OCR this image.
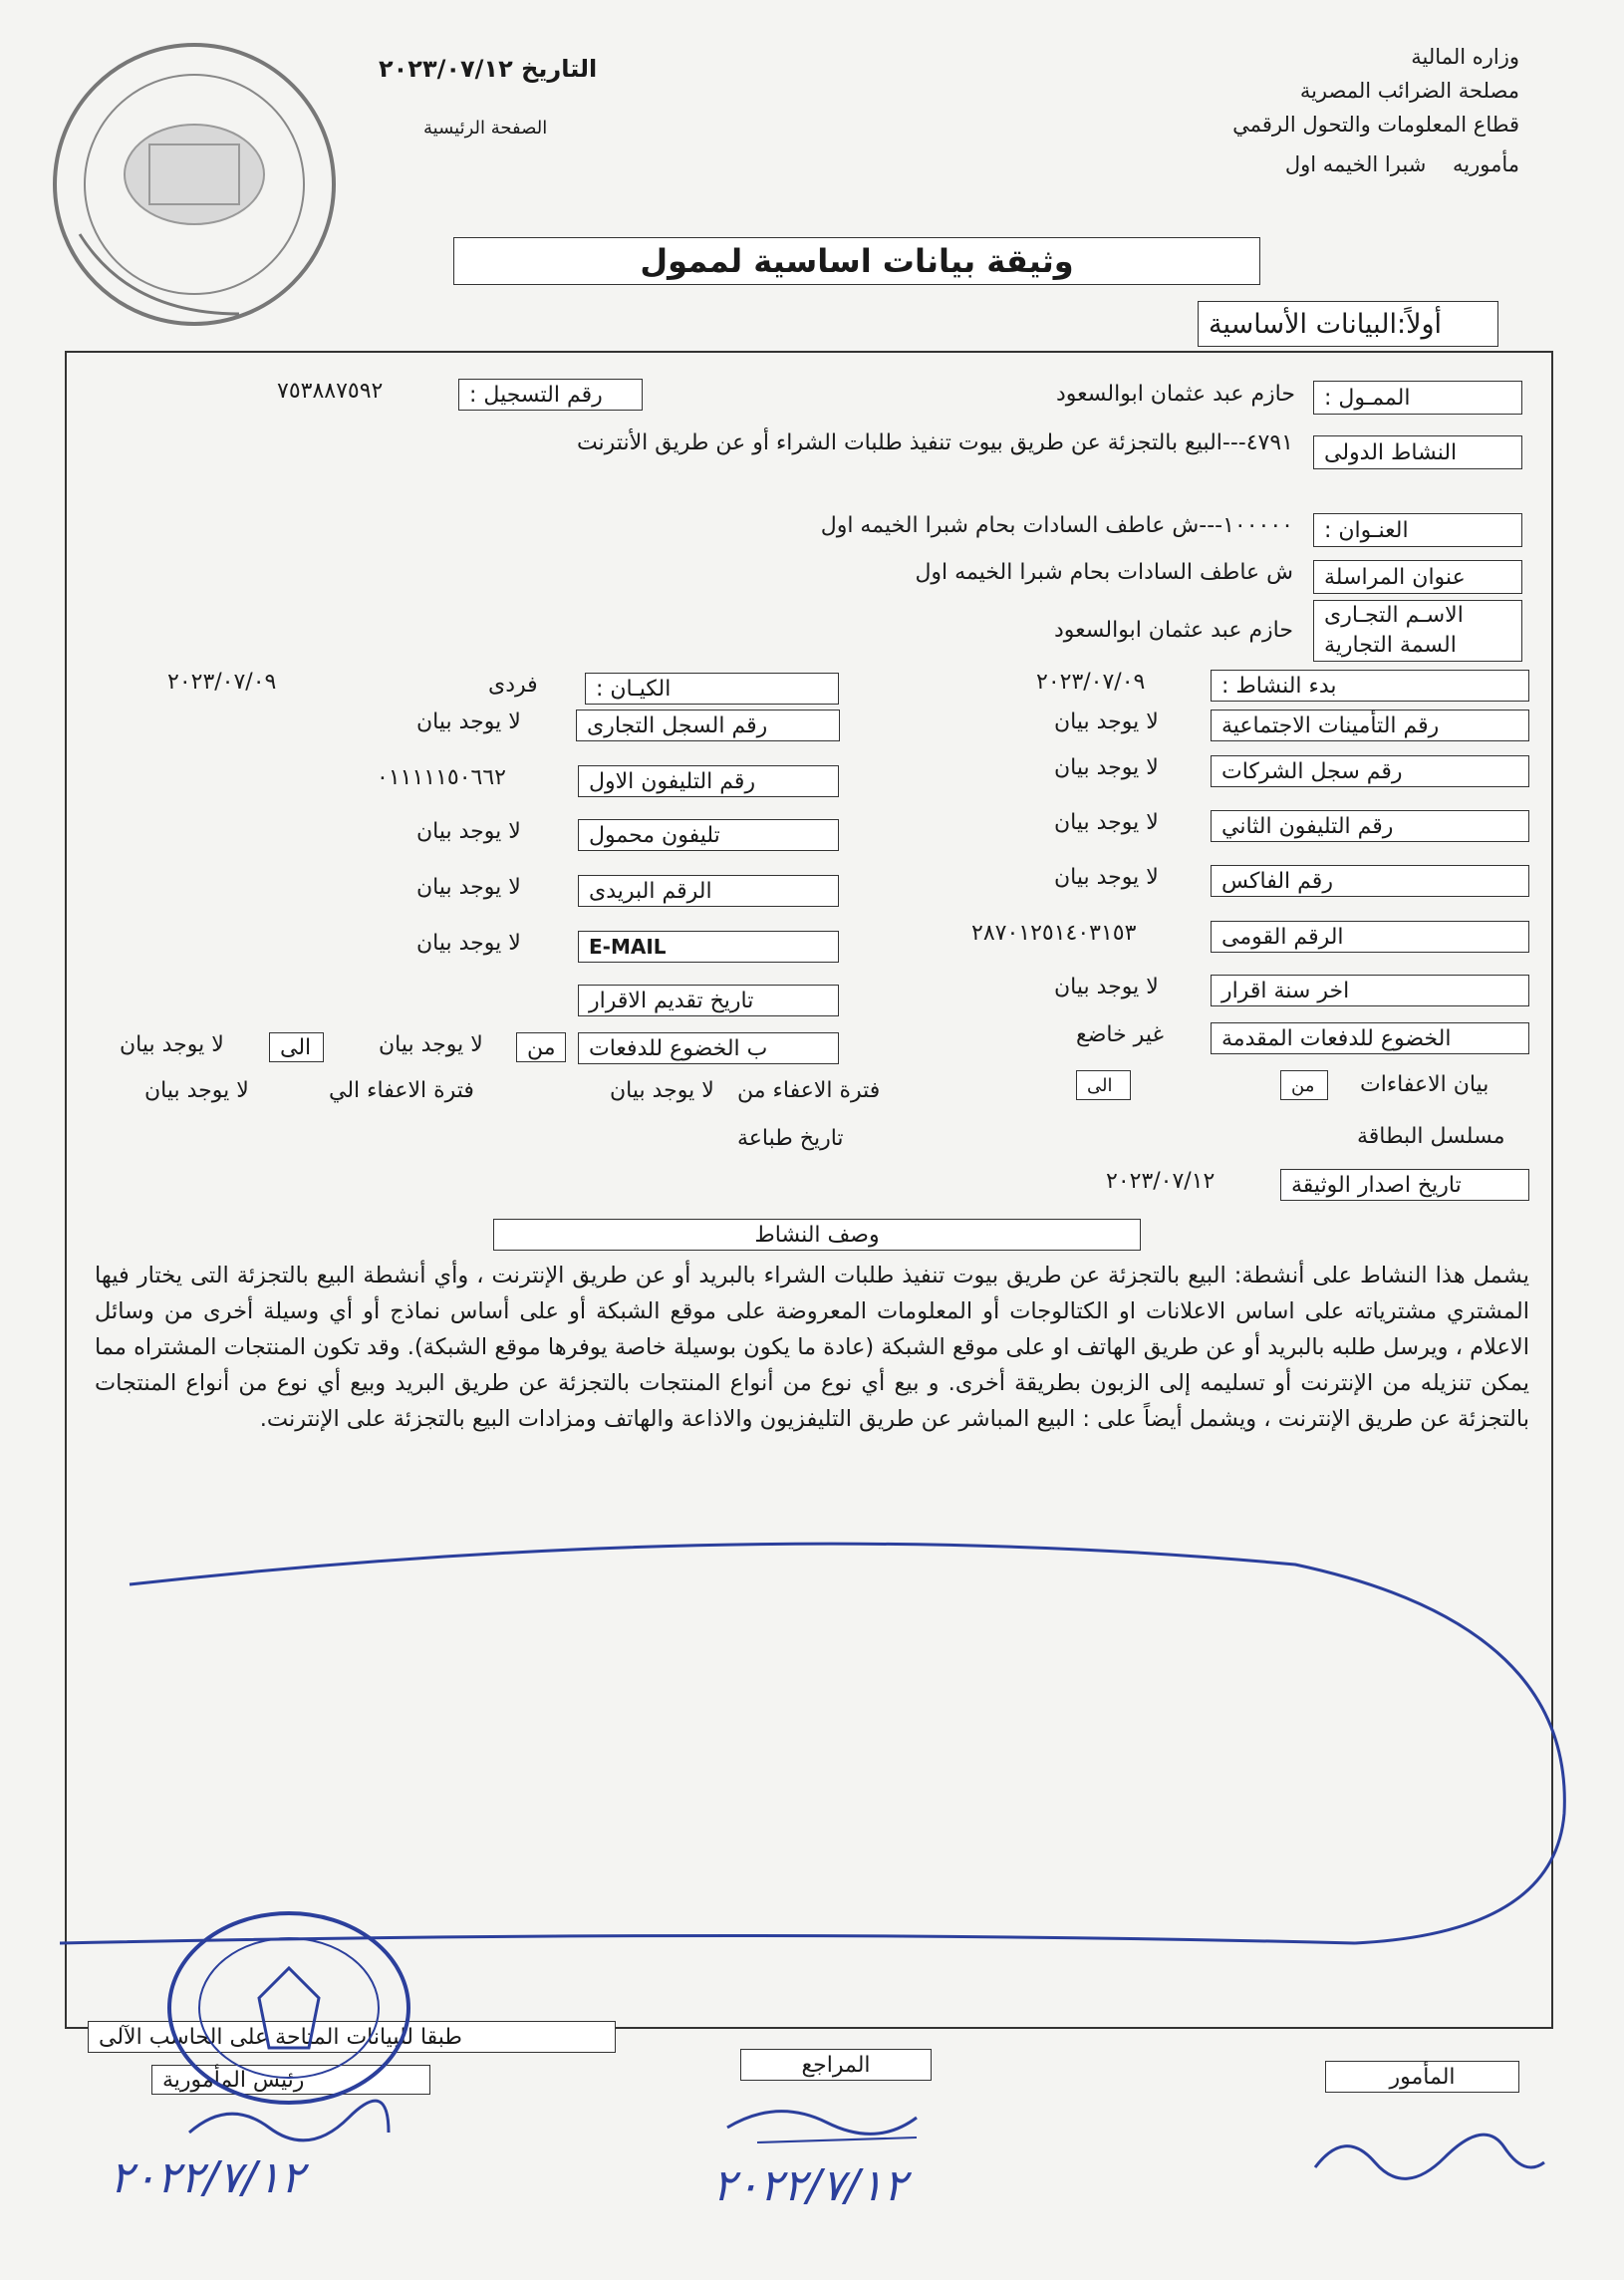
وزاره المالية
مصلحة الضرائب المصرية
قطاع المعلومات والتحول الرقمي
مأموريه    شبرا الخيمه اول
التاريخ ٢٠٢٣/٠٧/١٢
الصفحة الرئيسية
وثيقة بيانات اساسية لممول
أولاً:البيانات الأساسية
الممـول :
حازم عبد عثمان ابوالسعود
رقم التسجيل :
٧٥٣٨٨٧٥٩٢
النشاط الدولى
٤٧٩١---البيع بالتجزئة عن طريق بيوت تنفيذ طلبات الشراء أو عن طريق الأنترنت
العنـوان :
١٠٠٠٠٠---ش عاطف السادات بحام شبرا الخيمه اول
عنوان المراسلة
ش عاطف السادات بحام شبرا الخيمه اول
الاسـم التجـارى
السمة التجارية
حازم عبد عثمان ابوالسعود
بدء النشاط :
٢٠٢٣/٠٧/٠٩
الكيـان :
فردى
٢٠٢٣/٠٧/٠٩
رقم التأمينات الاجتماعية
لا يوجد بيان
رقم السجل التجارى
لا يوجد بيان
رقم سجل الشركات
لا يوجد بيان
رقم التليفون الاول
٠١١١١١٥٠٦٦٢
رقم التليفون الثاني
لا يوجد بيان
تليفون محمول
لا يوجد بيان
رقم الفاكس
لا يوجد بيان
الرقم البريدى
لا يوجد بيان
الرقم القومى
٢٨٧٠١٢٥١٤٠٣١٥٣
E-MAIL
لا يوجد بيان
اخر سنة اقرار
لا يوجد بيان
تاريخ تقديم الاقرار
الخضوع للدفعات المقدمة
غير خاضع
ب الخضوع للدفعات
من
لا يوجد بيان
الى
لا يوجد بيان
بيان الاعفاءات
من
الى
فترة الاعفاء من
لا يوجد بيان
فترة الاعفاء الي
لا يوجد بيان
مسلسل البطاقة
تاريخ طباعة
تاريخ اصدار الوثيقة
٢٠٢٣/٠٧/١٢
وصف النشاط
يشمل هذا النشاط على أنشطة: البيع بالتجزئة عن طريق بيوت تنفيذ طلبات الشراء بالبريد أو عن طريق الإنترنت ، وأي أنشطة البيع بالتجزئة التى يختار فيها المشتري مشترياته على اساس الاعلانات او الكتالوجات أو المعلومات المعروضة على موقع الشبكة أو على أساس نماذج أو أي وسيلة أخرى من وسائل الاعلام ، ويرسل طلبه بالبريد أو عن طريق الهاتف او على موقع الشبكة (عادة ما يكون بوسيلة خاصة يوفرها موقع الشبكة). وقد تكون المنتجات المشتراه مما يمكن تنزيله من الإنترنت أو تسليمه إلى الزبون بطريقة أخرى. و بيع أي نوع من أنواع المنتجات بالتجزئة عن طريق البريد وبيع أي نوع من أنواع المنتجات بالتجزئة عن طريق الإنترنت ، ويشمل أيضاً على : البيع المباشر عن طريق التليفزيون والاذاعة والهاتف ومزادات البيع بالتجزئة على الإنترنت.
طبقا للبيانات المتاحة على الحاسب الآلى
رئيس المأمورية
المراجع	المأمور
٢٠٢٢/٧/١٢	٢٠٢٢/٧/١٢
